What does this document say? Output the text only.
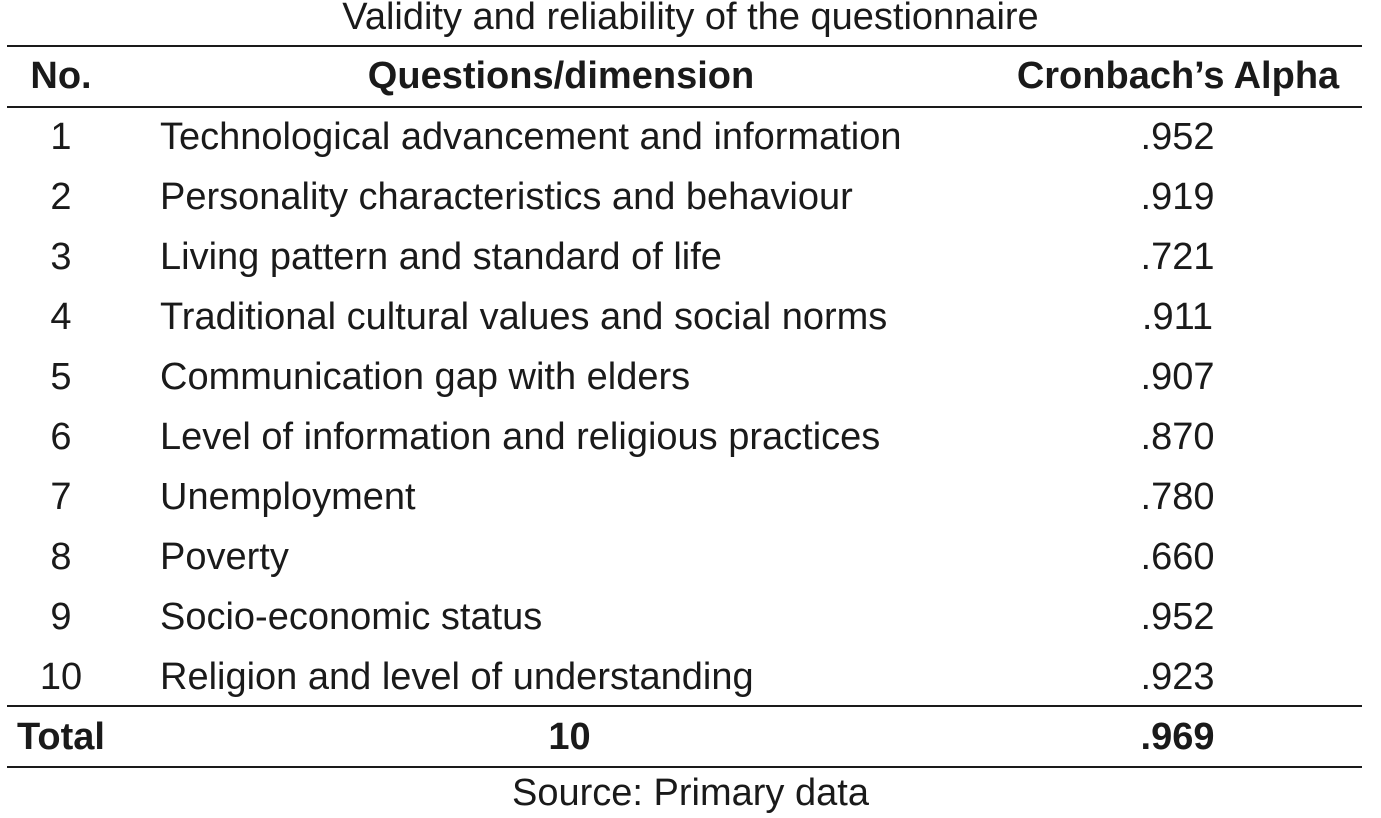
Validity and reliability of the questionnaire
No.	Questions/dimension	Cronbach’s Alpha
1	Technological advancement and information	.952
2	Personality characteristics and behaviour	.919
3	Living pattern and standard of life	.721
4	Traditional cultural values and social norms	.911
5	Communication gap with elders	.907
6	Level of information and religious practices	.870
7	Unemployment	.780
8	Poverty	.660
9	Socio-economic status	.952
10	Religion and level of understanding	.923
Total	10	.969
Source: Primary data
